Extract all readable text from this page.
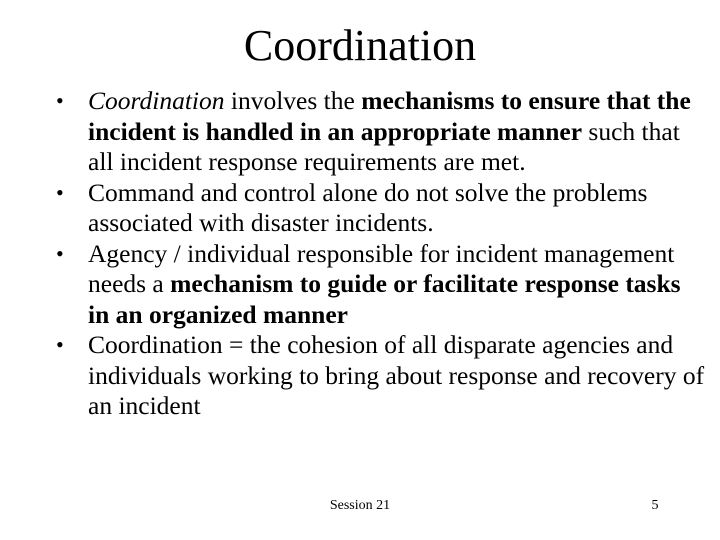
Coordination
• Coordination involves the mechanisms to ensure that the incident is handled in an appropriate manner such that all incident response requirements are met.
• Command and control alone do not solve the problems associated with disaster incidents.
• Agency / individual responsible for incident management needs a mechanism to guide or facilitate response tasks in an organized manner
• Coordination = the cohesion of all disparate agencies and individuals working to bring about response and recovery of an incident
Session 21	5
